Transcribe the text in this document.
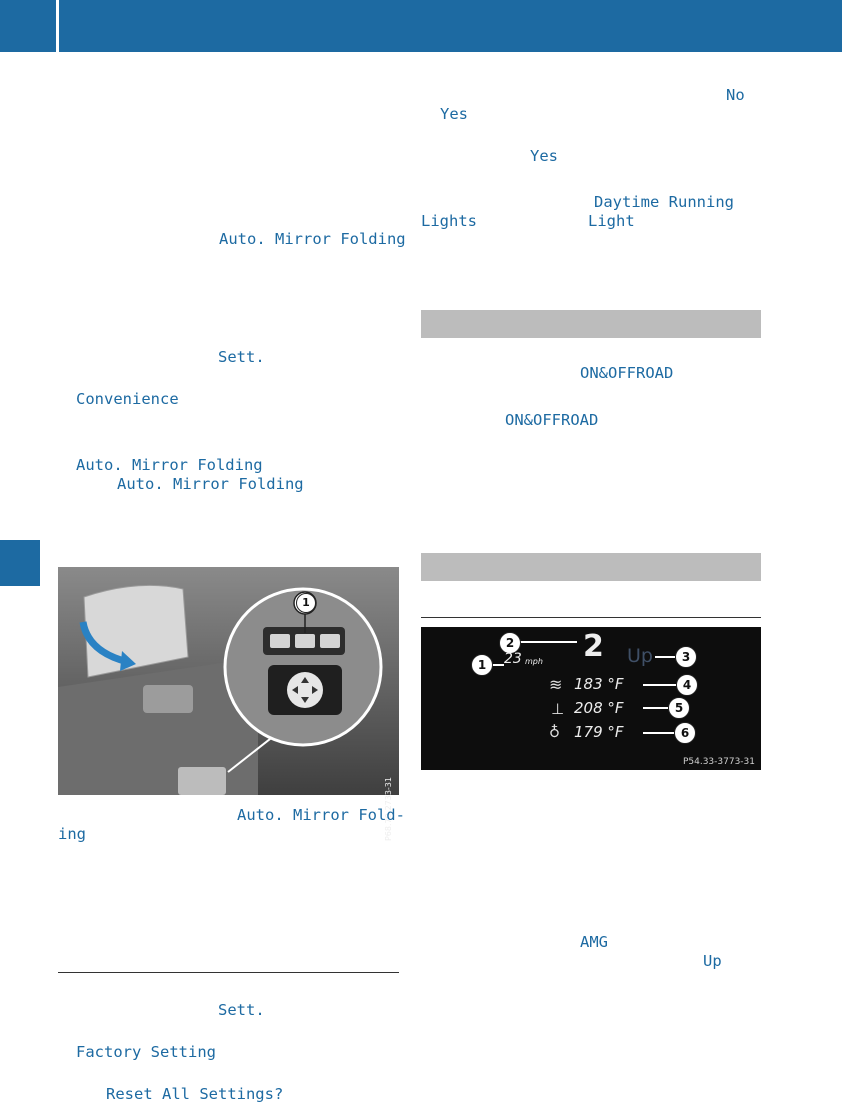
Auto. Mirror Folding
Sett.
Convenience
Auto. Mirror Folding
Auto. Mirror Folding
1
P68.70-2733-31
Auto. Mirror Fold-
ing
Sett.
Factory Setting
Reset All Settings?
No
Yes
Yes
Daytime Running
Lights	Light
ON&OFFROAD
ON&OFFROAD
2
2
23 mph
1	Up	3
≋ 183 °F	4
⊥ 208 °F	5
♁ 179 °F	6
P54.33-3773-31
AMG
Up
